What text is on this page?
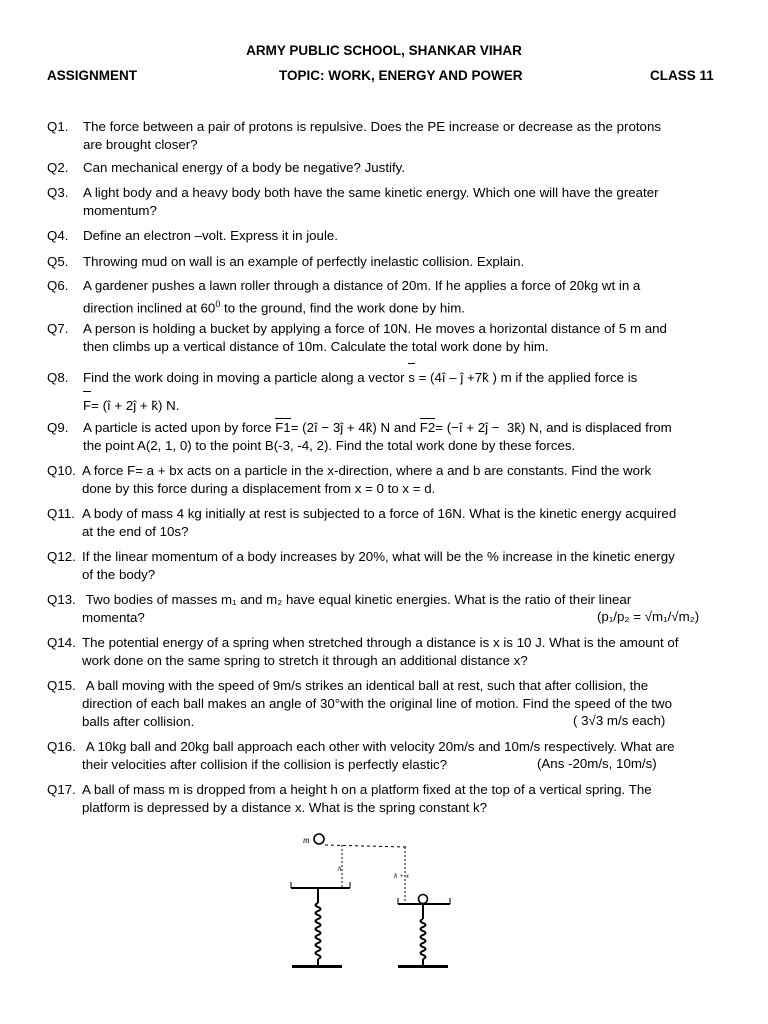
ARMY PUBLIC SCHOOL, SHANKAR VIHAR
ASSIGNMENT	TOPIC: WORK, ENERGY AND POWER	CLASS 11
Q1. The force between a pair of protons is repulsive. Does the PE increase or decrease as the protons
are brought closer?
Q2. Can mechanical energy of a body be negative? Justify.
Q3. A light body and a heavy body both have the same kinetic energy. Which one will have the greater
momentum?
Q4. Define an electron –volt. Express it in joule.
Q5. Throwing mud on wall is an example of perfectly inelastic collision. Explain.
Q6. A gardener pushes a lawn roller through a distance of 20m. If he applies a force of 20kg wt in a
direction inclined at $60^0$ to the ground, find the work done by him.
Q7. A person is holding a bucket by applying a force of 10N. He moves a horizontal distance of 5 m and
then climbs up a vertical distance of 10m. Calculate the total work done by him.
Q8. Find the work doing in moving a particle along a vector s = (4î – ĵ +7k̂ ) m if the applied force is
F= (î + 2ĵ + k̂) N.
Q9. A particle is acted upon by force F1= (2î − 3ĵ + 4k̂) N and F2= (−î + 2ĵ −  3k̂) N, and is displaced from
the point A(2, 1, 0) to the point B(-3, -4, 2). Find the total work done by these forces.
Q10. A force F= a + bx acts on a particle in the x-direction, where a and b are constants. Find the work
done by this force during a displacement from x = 0 to x = d.
Q11. A body of mass 4 kg initially at rest is subjected to a force of 16N. What is the kinetic energy acquired
at the end of 10s?
Q12. If the linear momentum of a body increases by 20%, what will be the % increase in the kinetic energy
of the body?
Q13. Two bodies of masses m₁ and m₂ have equal kinetic energies. What is the ratio of their linear
momenta?	(p₁/p₂ = √m₁/√m₂)
Q14. The potential energy of a spring when stretched through a distance is x is 10 J. What is the amount of
work done on the same spring to stretch it through an additional distance x?
Q15. A ball moving with the speed of 9m/s strikes an identical ball at rest, such that after collision, the
direction of each ball makes an angle of 30°with the original line of motion. Find the speed of the two
balls after collision.	( 3√3 m/s each)
Q16. A 10kg ball and 20kg ball approach each other with velocity 20m/s and 10m/s respectively. What are
their velocities after collision if the collision is perfectly elastic?	(Ans -20m/s, 10m/s)
Q17. A ball of mass m is dropped from a height h on a platform fixed at the top of a vertical spring. The
platform is depressed by a distance x. What is the spring constant k?
m
h
h + x
